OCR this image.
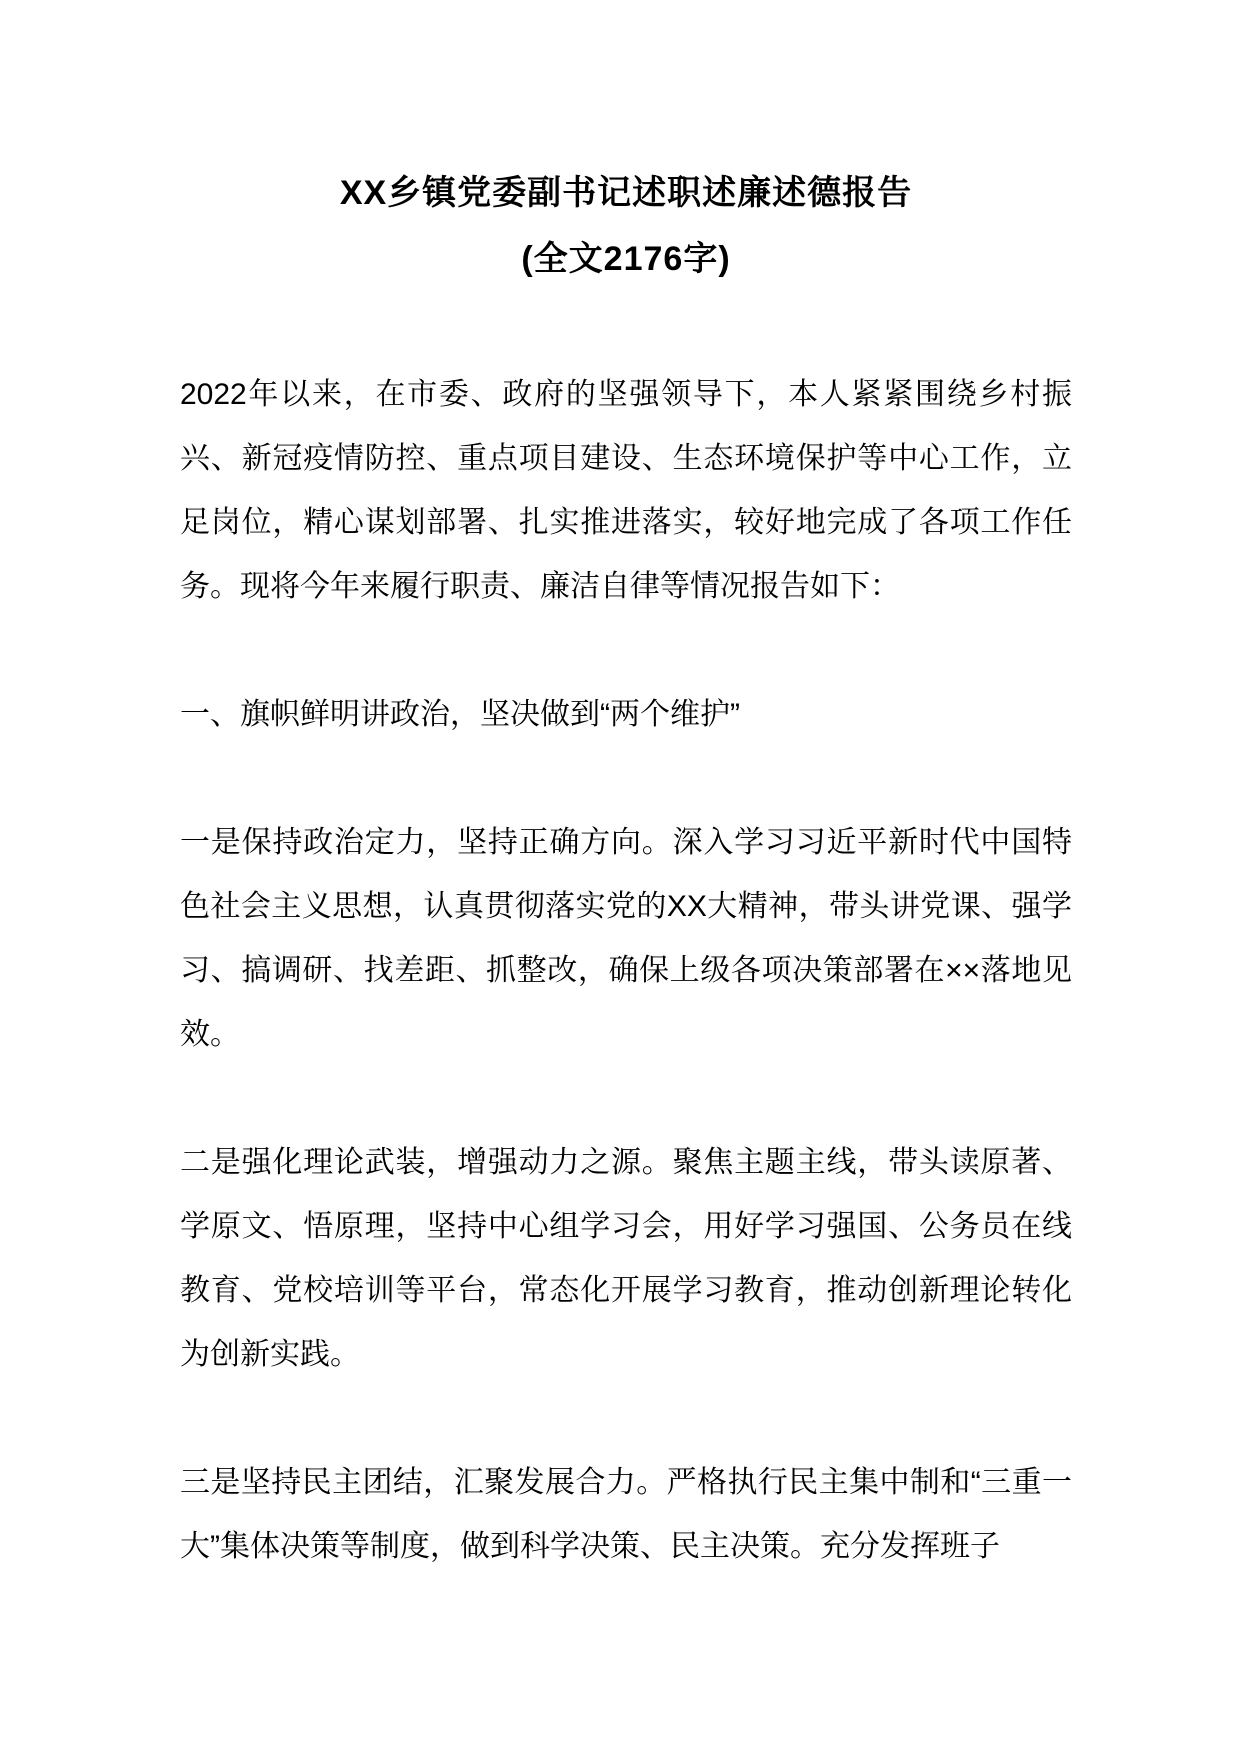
XX乡镇党委副书记述职述廉述德报告
(全文2176字)

2022年以来，在市委、政府的坚强领导下，本人紧紧围绕乡村振兴、新冠疫情防控、重点项目建设、生态环境保护等中心工作，立足岗位，精心谋划部署、扎实推进落实，较好地完成了各项工作任务。现将今年来履行职责、廉洁自律等情况报告如下：

一、旗帜鲜明讲政治，坚决做到“两个维护”

一是保持政治定力，坚持正确方向。深入学习习近平新时代中国特色社会主义思想，认真贯彻落实党的XX大精神，带头讲党课、强学习、搞调研、找差距、抓整改，确保上级各项决策部署在××落地见效。

二是强化理论武装，增强动力之源。聚焦主题主线，带头读原著、学原文、悟原理，坚持中心组学习会，用好学习强国、公务员在线教育、党校培训等平台，常态化开展学习教育，推动创新理论转化为创新实践。

三是坚持民主团结，汇聚发展合力。严格执行民主集中制和“三重一大”集体决策等制度，做到科学决策、民主决策。充分发挥班子
